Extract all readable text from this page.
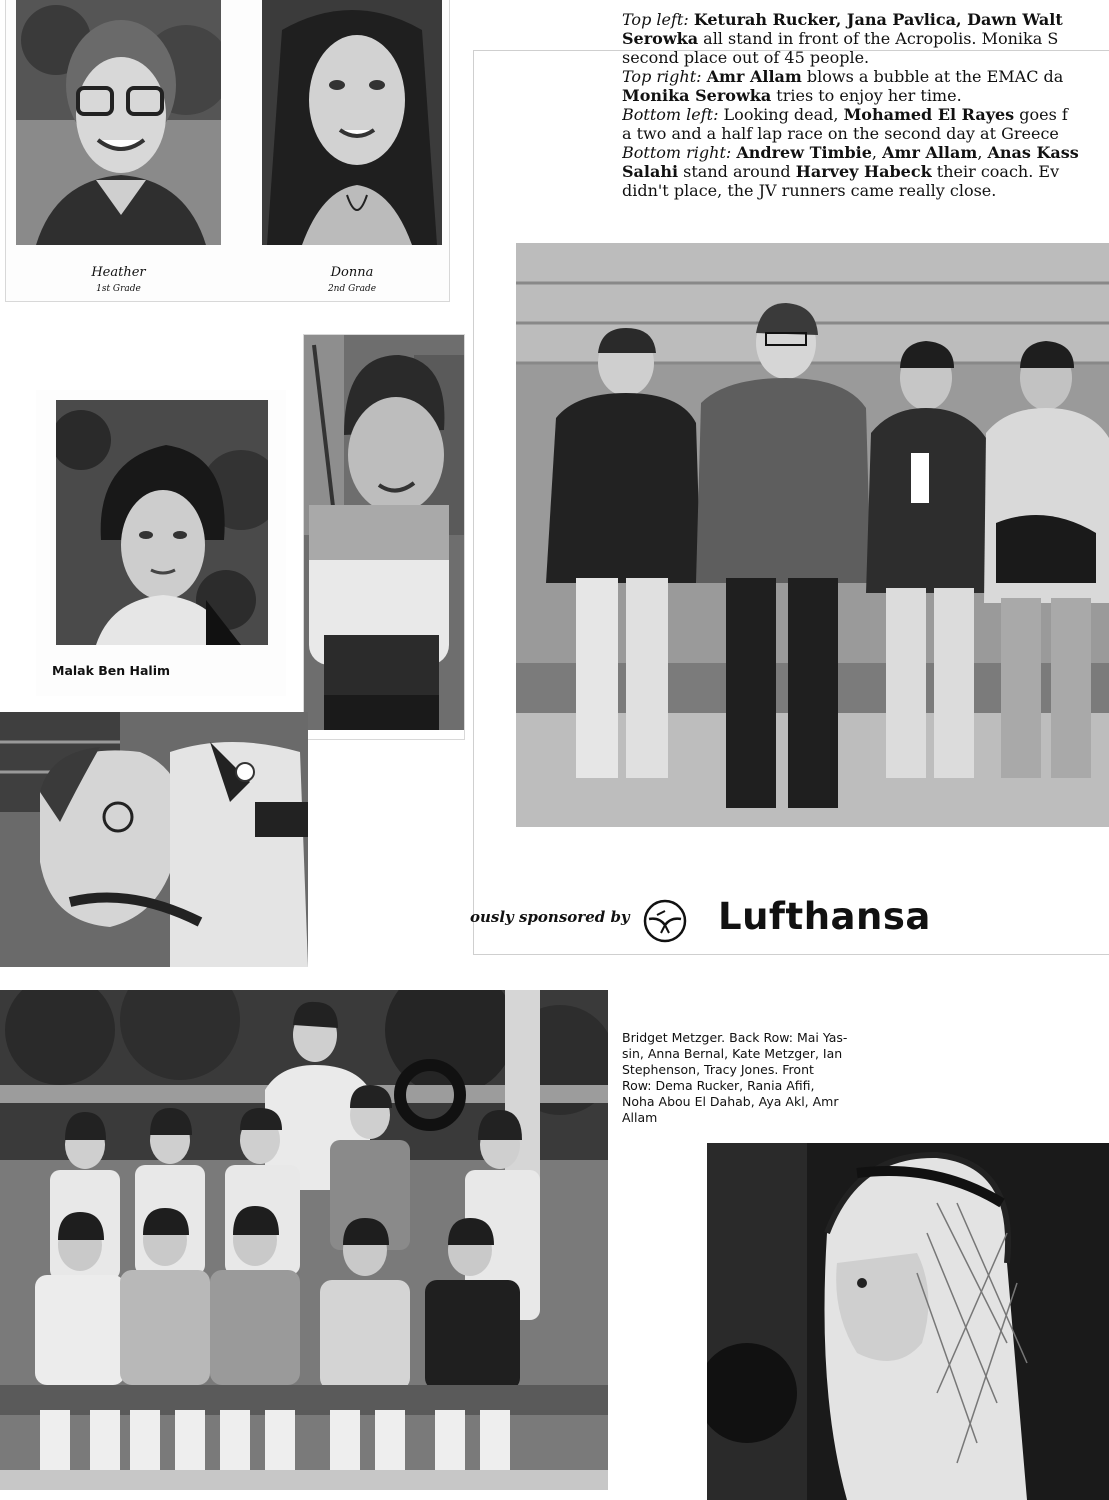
Heather
1st Grade
Donna
2nd Grade
Top left: Keturah Rucker, Jana Pavlica, Dawn Walt
Serowka all stand in front of the Acropolis. Monika S
second place out of 45 people.
Top right: Amr Allam blows a bubble at the EMAC da
Monika Serowka tries to enjoy her time.
Bottom left: Looking dead, Mohamed El Rayes goes f
a two and a half lap race on the second day at Greece
Bottom right: Andrew Timbie, Amr Allam, Anas Kass
Salahi stand around Harvey Habeck their coach. Ev
didn't place, the JV runners came really close.
Malak Ben Halim
ously sponsored by Lufthansa
Bridget Metzger. Back Row: Mai Yas-
sin, Anna Bernal, Kate Metzger, Ian
Stephenson, Tracy Jones. Front
Row: Dema Rucker, Rania Afifi,
Noha Abou El Dahab, Aya Akl, Amr
Allam
